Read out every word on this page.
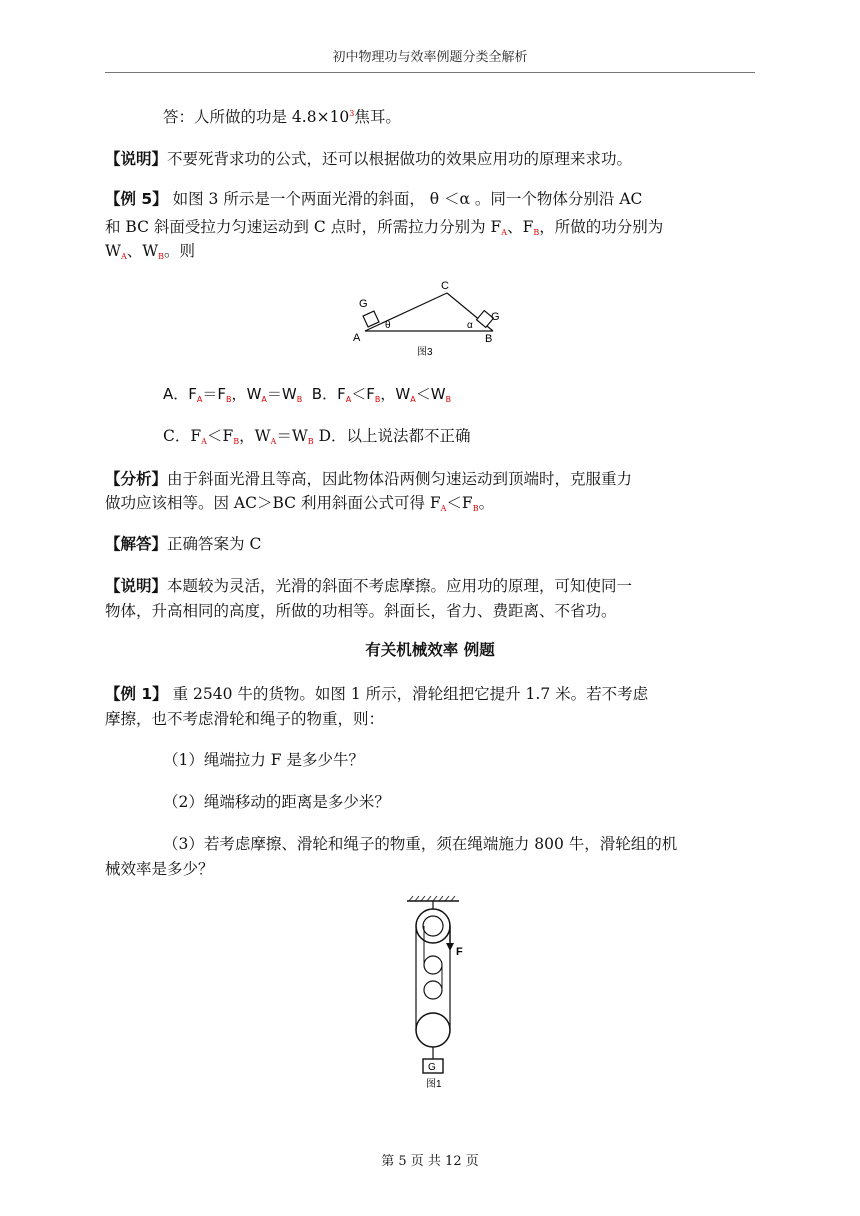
初中物理功与效率例题分类全解析
答：人所做的功是 $4.8\times 10^3$焦耳。
【说明】不要死背求功的公式，还可以根据做功的效果应用功的原理来求功。
【例 5】 如图 3 所示是一个两面光滑的斜面， θ ＜α 。同一个物体分别沿 AC
和 BC 斜面受拉力匀速运动到 C 点时，所需拉力分别为 FA、FB，所做的功分别为
WA、WB。则
G
G
A	B
C
θ	α
图3
A．$F_A=F_B$，$W_A=W_B$ B．$F_A<F_B$，$W_A<W_B$
C．FA＜FB，WA＝WB D．以上说法都不正确
【分析】由于斜面光滑且等高，因此物体沿两侧匀速运动到顶端时，克服重力
做功应该相等。因 AC＞BC 利用斜面公式可得 FA＜FB。
【解答】正确答案为 C
【说明】本题较为灵活，光滑的斜面不考虑摩擦。应用功的原理，可知使同一
物体，升高相同的高度，所做的功相等。斜面长，省力、费距离、不省功。
有关机械效率 例题
【例 1】 重 2540 牛的货物。如图 1 所示，滑轮组把它提升 1.7 米。若不考虑
摩擦，也不考虑滑轮和绳子的物重，则：
（1）绳端拉力 F 是多少牛？
（2）绳端移动的距离是多少米？
（3）若考虑摩擦、滑轮和绳子的物重，须在绳端施力 800 牛，滑轮组的机
械效率是多少？
F
G
图1
第 5 页 共 12 页
